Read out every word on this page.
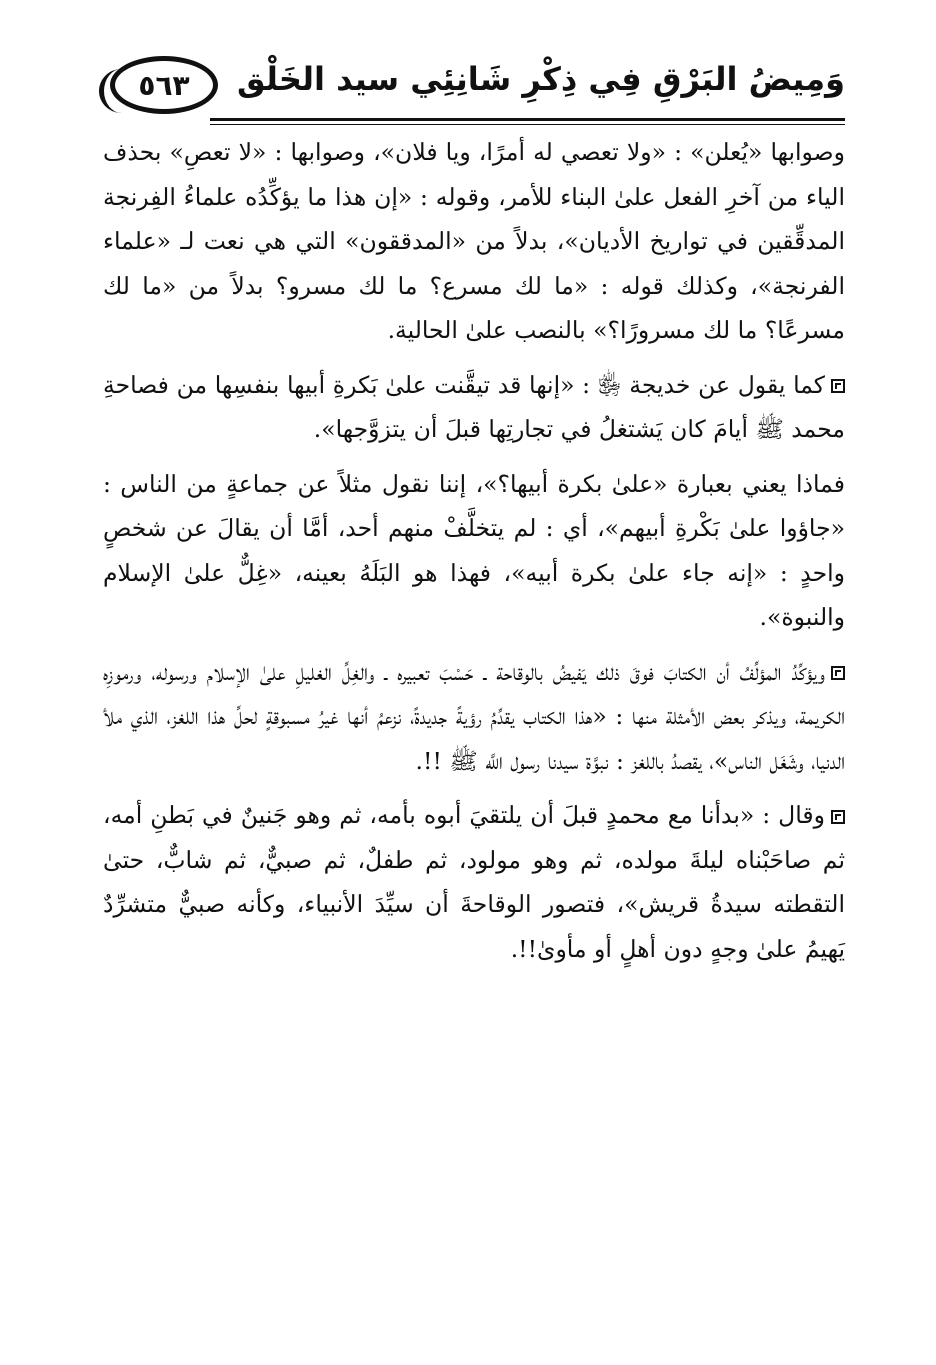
٥٦٣ وَمِيضُ البَرْقِ فِي ذِكْرِ شَانِئِي سيد الخَلْق

وصوابها «يُعلن» : «ولا تعصي له أمرًا، ويا فلان»، وصوابها : «لا تعصِ» بحذف الياء من آخرِ الفعل علىٰ البناء للأمر، وقوله : «إن هذا ما يؤكِّدُه علماءُ الفِرنجة المدقِّقين في تواريخ الأديان»، بدلاً من «المدققون» التي هي نعت لـ «علماء الفرنجة»، وكذلك قوله : «ما لك مسرع؟ ما لك مسرو؟ بدلاً من «ما لك مسرعًا؟ ما لك مسرورًا؟» بالنصب علىٰ الحالية.

كما يقول عن خديجة ﵂ : «إنها قد تيقَّنت علىٰ بَكرةِ أبيها بنفسِها من فصاحةِ محمد ﷺ أيامَ كان يَشتغلُ في تجارتِها قبلَ أن يتزوَّجها».

فماذا يعني بعبارة «علىٰ بكرة أبيها؟»، إننا نقول مثلاً عن جماعةٍ من الناس : «جاؤوا علىٰ بَكْرةِ أبيهم»، أي : لم يتخلَّفْ منهم أحد، أمَّا أن يقالَ عن شخصٍ واحدٍ : «إنه جاء علىٰ بكرة أبيه»، فهذا هو البَلَهُ بعينه، «غِلٌّ علىٰ الإسلام والنبوة».

ويؤكِّدُ المؤلِّفُ أن الكتابَ فوقَ ذلك يَفيضُ بالوقاحة ـ حَسْبَ تعبيره ـ والغِلِّ الغليلِ علىٰ الإسلام ورسوله، ورموزِه الكريمة، ويذكر بعض الأمثلة منها : «هذا الكتاب يقدِّمُ رؤيةً جديدةً، نزعمُ أنها غيرُ مسبوقةٍ لحلِّ هذا اللغز، الذي ملأ الدنيا، وشَغَل الناس»، يقصدُ باللغز : نبوَّة سيدنا رسول اللَّه ﷺ !!.

وقال : «بدأنا مع محمدٍ قبلَ أن يلتقيَ أبوه بأمه، ثم وهو جَنينٌ في بَطنِ أمه، ثم صاحَبْناه ليلةَ مولده، ثم وهو مولود، ثم طفلٌ، ثم صبيٌّ، ثم شابٌّ، حتىٰ التقطته سيدةُ قريش»، فتصور الوقاحةَ أن سيِّدَ الأنبياء، وكأنه صبيٌّ متشرِّدٌ يَهيمُ علىٰ وجهٍ دون أهلٍ أو مأوىٰ!!.
